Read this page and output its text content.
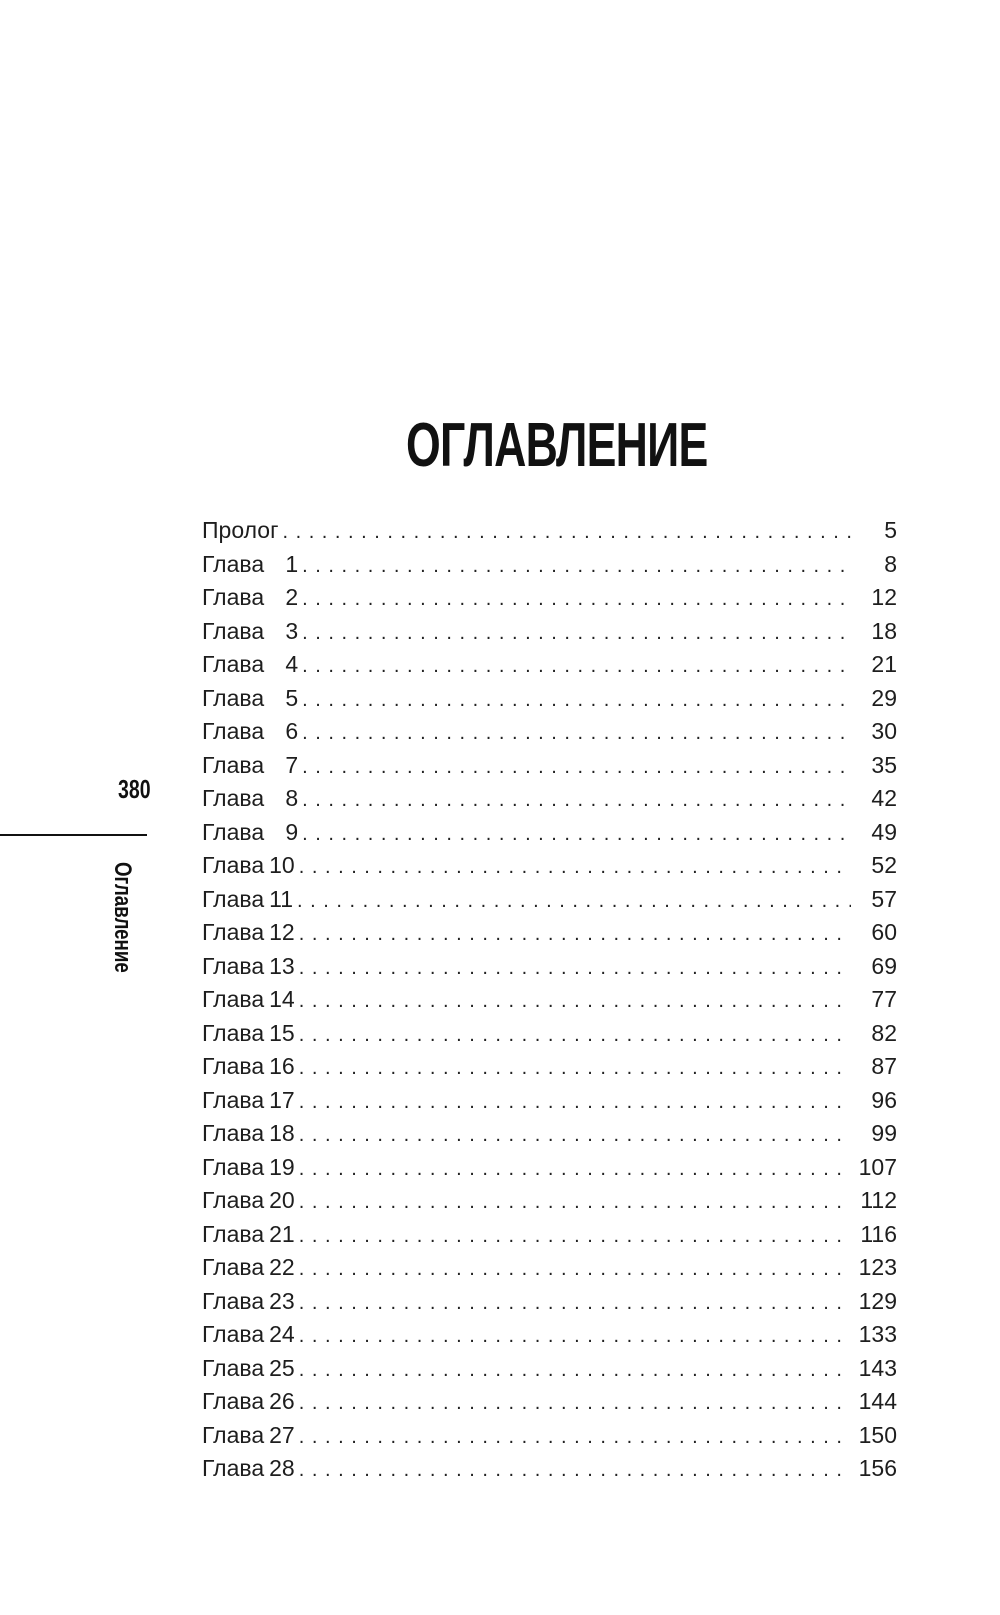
ОГЛАВЛЕНИЕ
380
Оглавление
Пролог . . .	5
Глава 1 . . .	8
Глава 2 . . .	12
Глава 3 . . .	18
Глава 4 . . .	21
Глава 5 . . .	29
Глава 6 . . .	30
Глава 7 . . .	35
Глава 8 . . .	42
Глава 9 . . .	49
Глава 10 . . .	52
Глава 11 . . .	57
Глава 12 . . .	60
Глава 13 . . .	69
Глава 14 . . .	77
Глава 15 . . .	82
Глава 16 . . .	87
Глава 17 . . .	96
Глава 18 . . .	99
Глава 19 . . .	107
Глава 20 . . .	112
Глава 21 . . .	116
Глава 22 . . .	123
Глава 23 . . .	129
Глава 24 . . .	133
Глава 25 . . .	143
Глава 26 . . .	144
Глава 27 . . .	150
Глава 28 . . .	156
